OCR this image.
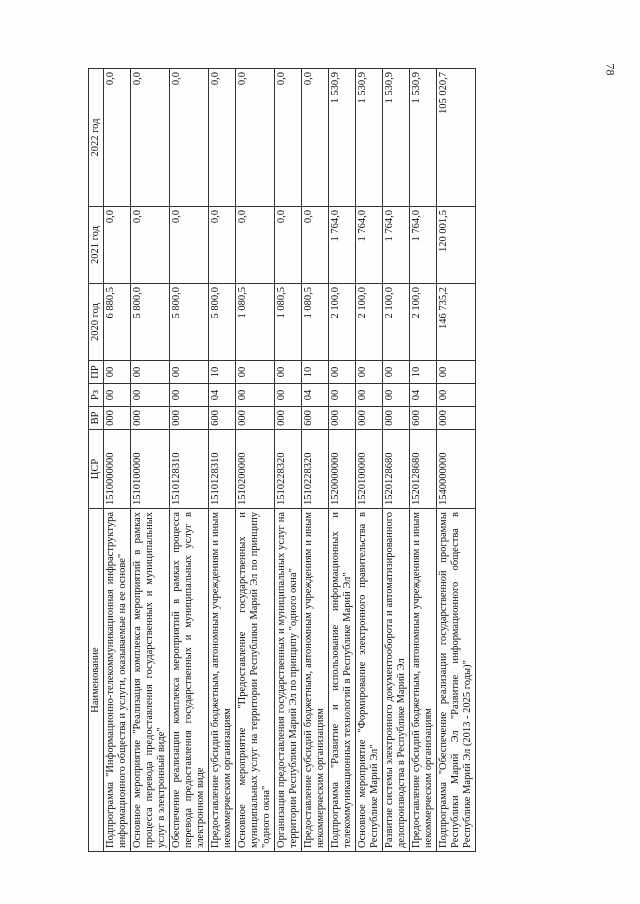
78
Наименование	ЦСР	ВР	Рз	ПР	2020 год	2021 год	2022 год
Подпрограмма "Информационно-телекоммуникационная инфраструктура информационного общества и услуги, оказываемые на ее основе"	1510000000	000	00	00	6 880,5	0,0	0,0
Основное мероприятие "Реализация комплекса мероприятий в рамках процесса перевода предоставления государственных и муниципальных услуг в электронный виде"	1510100000	000	00	00	5 800,0	0,0	0,0
Обеспечение реализации комплекса мероприятий в рамках процесса перевода предоставления государственных и муниципальных услуг в электронном виде	1510128310	000	00	00	5 800,0	0,0	0,0
Предоставление субсидий бюджетным, автономным учреждениям и иным некоммерческим организациям	1510128310	600	04	10	5 800,0	0,0	0,0
Основное мероприятие "Предоставление государственных и муниципальных услуг на территории Республики Марий Эл по принципу "одного окна"	1510200000	000	00	00	1 080,5	0,0	0,0
Организация предоставления государственных и муниципальных услуг на территории Республики Марий Эл по принципу "одного окна"	1510228320	000	00	00	1 080,5	0,0	0,0
Предоставление субсидий бюджетным, автономным учреждениям и иным некоммерческим организациям	1510228320	600	04	10	1 080,5	0,0	0,0
Подпрограмма "Развитие и использование информационных и телекоммуникационных технологий в Республике Марий Эл"	1520000000	000	00	00	2 100,0	1 764,0	1 530,9
Основное мероприятие "Формирование электронного правительства в Республике Марий Эл"	1520100000	000	00	00	2 100,0	1 764,0	1 530,9
Развитие системы электронного документооборота и автоматизированного делопроизводства в Республике Марий Эл	1520128680	000	00	00	2 100,0	1 764,0	1 530,9
Предоставление субсидий бюджетным, автономным учреждениям и иным некоммерческим организациям	1520128680	600	04	10	2 100,0	1 764,0	1 530,9
Подпрограмма "Обеспечение реализации государственной программы Республики Марий Эл "Развитие информационного общества в Республике Марий Эл (2013 - 2025 годы)"	1540000000	000	00	00	146 735,2	120 001,5	105 020,7
